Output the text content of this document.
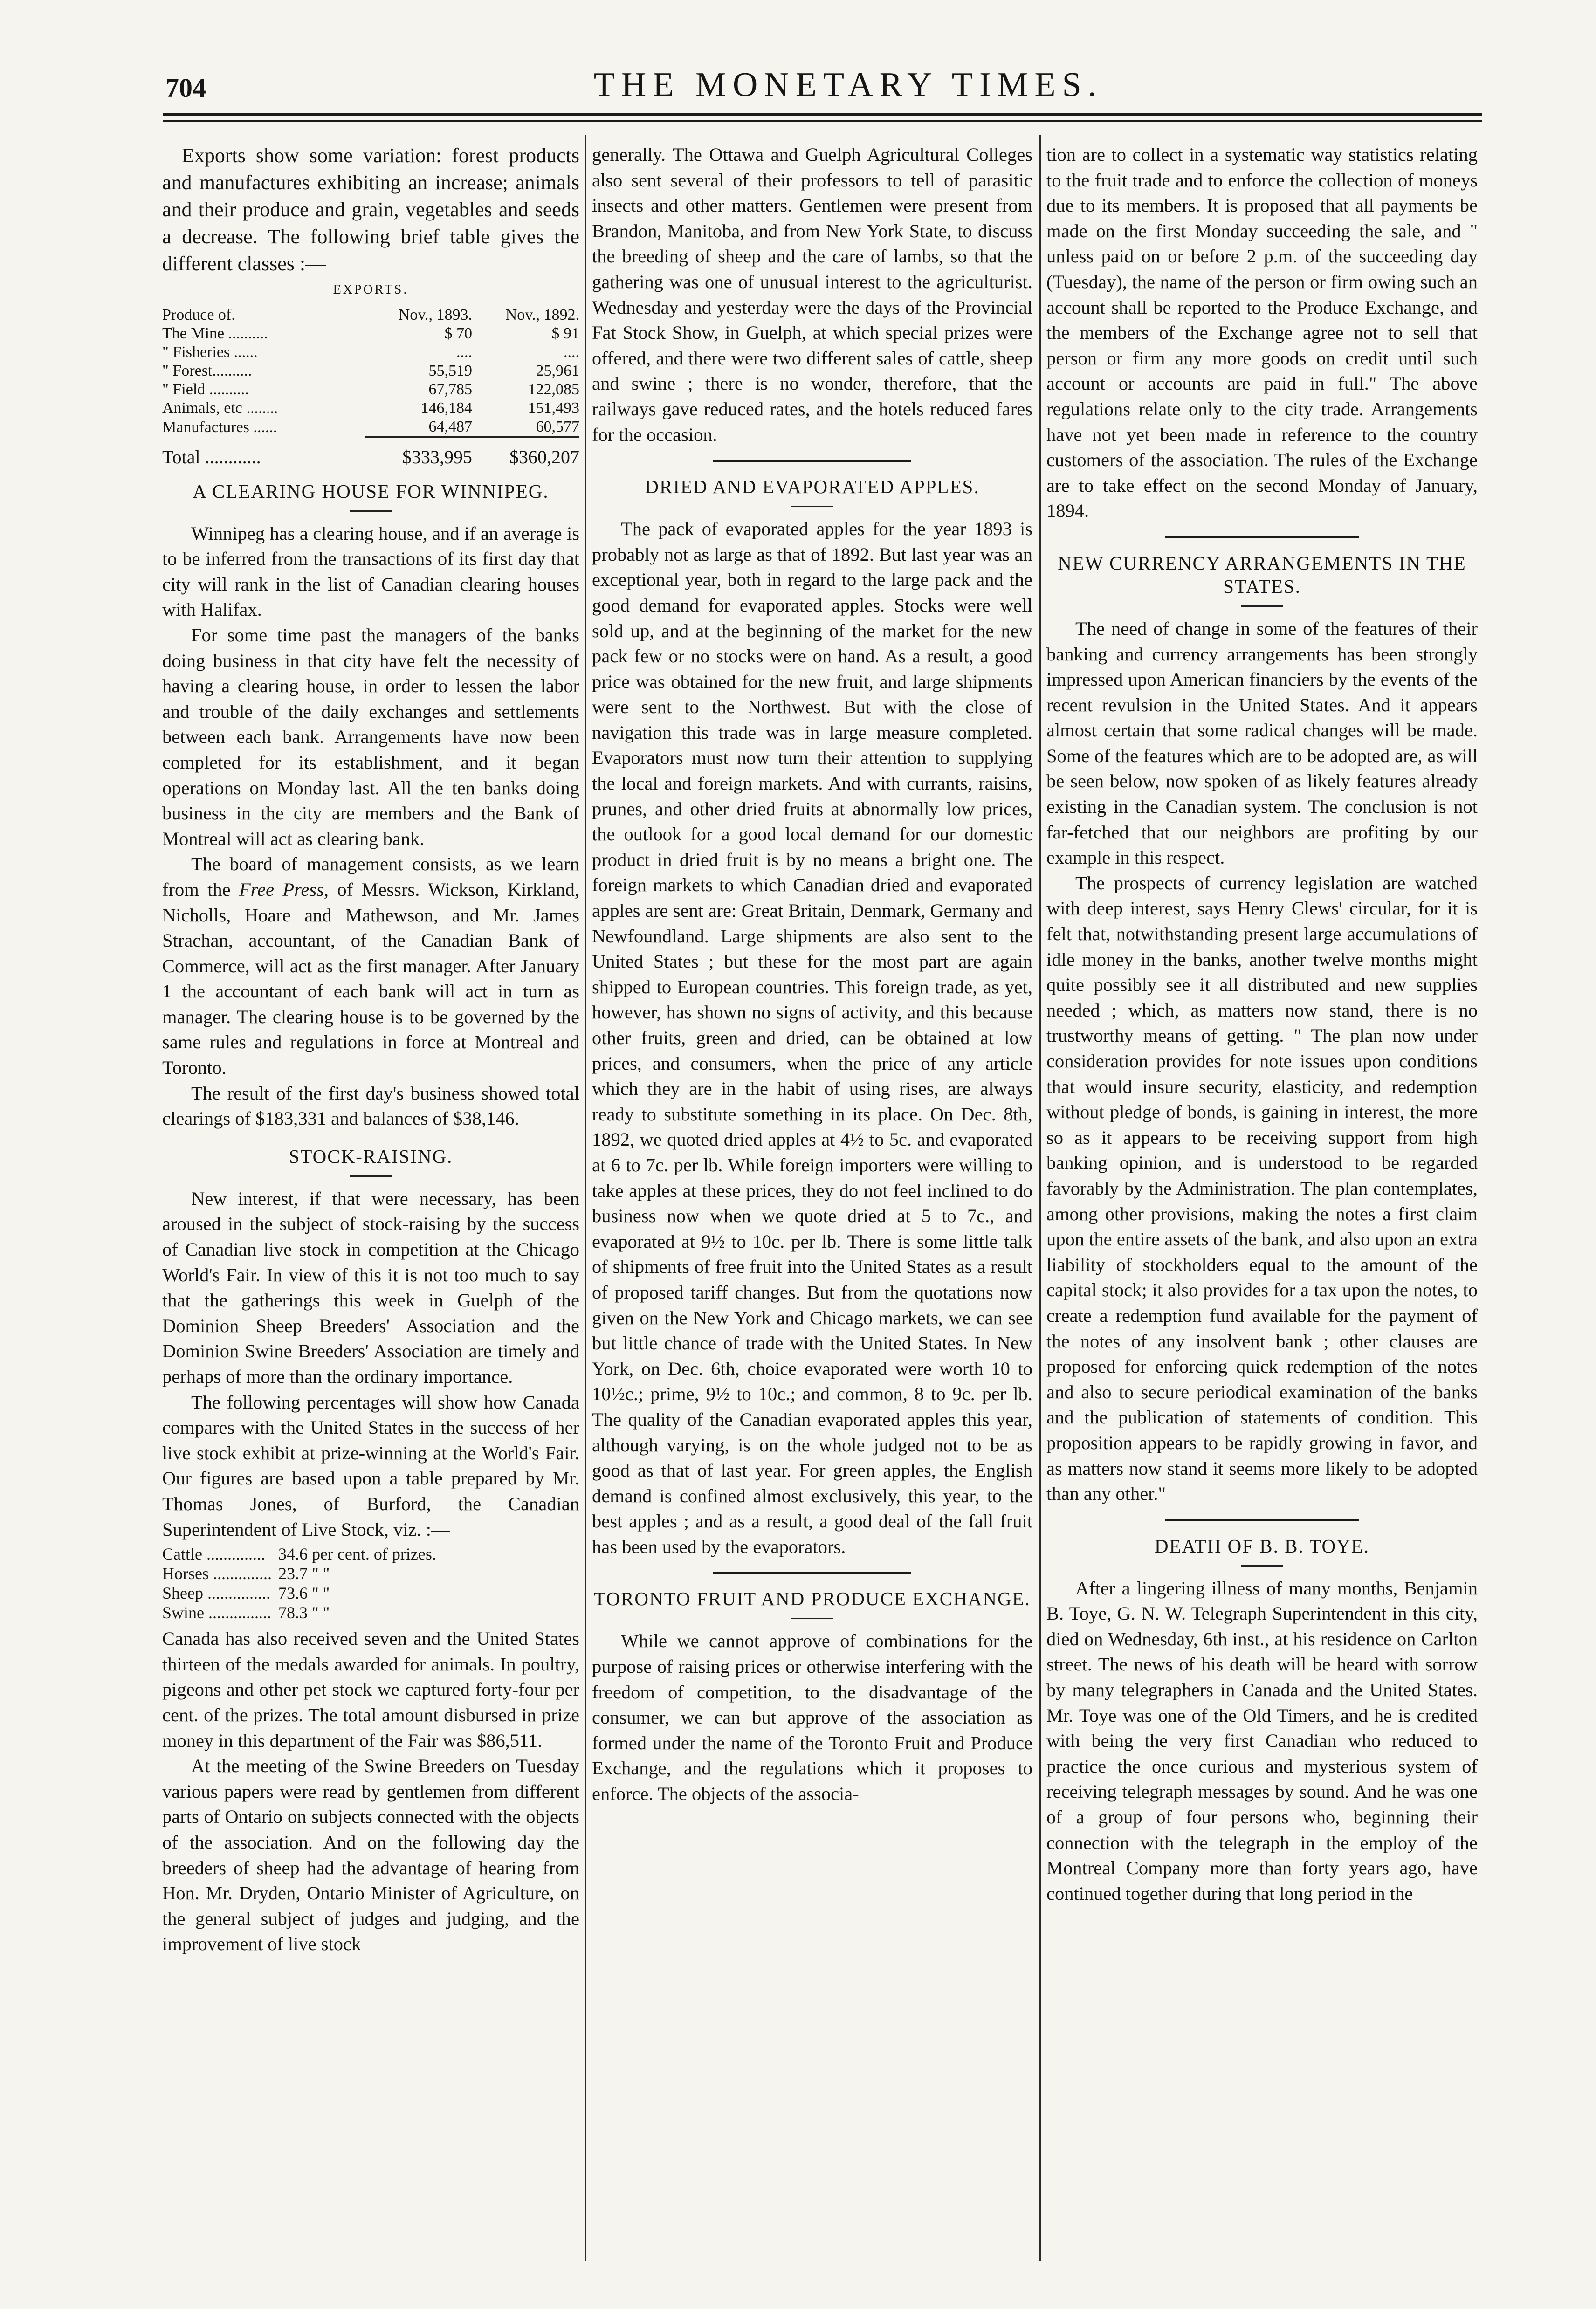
704	THE MONETARY TIMES.

Exports show some variation: forest products and manufactures exhibiting an increase; animals and their produce and grain, vegetables and seeds a decrease. The following brief table gives the different classes :—

EXPORTS.
Produce of.	Nov., 1893.	Nov., 1892.
The Mine ..........	$ 70	$ 91
" Fisheries ......	....	....
" Forest..........	55,519	25,961
" Field ..........	67,785	122,085
Animals, etc ........	146,184	151,493
Manufactures ......	64,487	60,577
Total ............	$333,995	$360,207
A CLEARING HOUSE FOR WINNIPEG.

Winnipeg has a clearing house, and if an average is to be inferred from the transactions of its first day that city will rank in the list of Canadian clearing houses with Halifax.

For some time past the managers of the banks doing business in that city have felt the necessity of having a clearing house, in order to lessen the labor and trouble of the daily exchanges and settlements between each bank. Arrangements have now been completed for its establishment, and it began operations on Monday last. All the ten banks doing business in the city are members and the Bank of Montreal will act as clearing bank.

The board of management consists, as we learn from the Free Press, of Messrs. Wickson, Kirkland, Nicholls, Hoare and Mathewson, and Mr. James Strachan, accountant, of the Canadian Bank of Commerce, will act as the first manager. After January 1 the accountant of each bank will act in turn as manager. The clearing house is to be governed by the same rules and regulations in force at Montreal and Toronto.

The result of the first day's business showed total clearings of $183,331 and balances of $38,146.

STOCK-RAISING.

New interest, if that were necessary, has been aroused in the subject of stock-raising by the success of Canadian live stock in competition at the Chicago World's Fair. In view of this it is not too much to say that the gatherings this week in Guelph of the Dominion Sheep Breeders' Association and the Dominion Swine Breeders' Association are timely and perhaps of more than the ordinary importance.

The following percentages will show how Canada compares with the United States in the success of her live stock exhibit at prize-winning at the World's Fair. Our figures are based upon a table prepared by Mr. Thomas Jones, of Burford, the Canadian Superintendent of Live Stock, viz. :—

Cattle ..............	34.6 per cent. of prizes.
Horses ..............	23.7 " "
Sheep ...............	73.6 " "
Swine ...............	78.3 " "

Canada has also received seven and the United States thirteen of the medals awarded for animals. In poultry, pigeons and other pet stock we captured forty-four per cent. of the prizes. The total amount disbursed in prize money in this department of the Fair was $86,511.

At the meeting of the Swine Breeders on Tuesday various papers were read by gentlemen from different parts of Ontario on subjects connected with the objects of the association. And on the following day the breeders of sheep had the advantage of hearing from Hon. Mr. Dryden, Ontario Minister of Agriculture, on the general subject of judges and judging, and the improvement of live stock

generally. The Ottawa and Guelph Agricultural Colleges also sent several of their professors to tell of parasitic insects and other matters. Gentlemen were present from Brandon, Manitoba, and from New York State, to discuss the breeding of sheep and the care of lambs, so that the gathering was one of unusual interest to the agriculturist. Wednesday and yesterday were the days of the Provincial Fat Stock Show, in Guelph, at which special prizes were offered, and there were two different sales of cattle, sheep and swine ; there is no wonder, therefore, that the railways gave reduced rates, and the hotels reduced fares for the occasion.

DRIED AND EVAPORATED APPLES.

The pack of evaporated apples for the year 1893 is probably not as large as that of 1892. But last year was an exceptional year, both in regard to the large pack and the good demand for evaporated apples. Stocks were well sold up, and at the beginning of the market for the new pack few or no stocks were on hand. As a result, a good price was obtained for the new fruit, and large shipments were sent to the Northwest. But with the close of navigation this trade was in large measure completed. Evaporators must now turn their attention to supplying the local and foreign markets. And with currants, raisins, prunes, and other dried fruits at abnormally low prices, the outlook for a good local demand for our domestic product in dried fruit is by no means a bright one. The foreign markets to which Canadian dried and evaporated apples are sent are: Great Britain, Denmark, Germany and Newfoundland. Large shipments are also sent to the United States ; but these for the most part are again shipped to European countries. This foreign trade, as yet, however, has shown no signs of activity, and this because other fruits, green and dried, can be obtained at low prices, and consumers, when the price of any article which they are in the habit of using rises, are always ready to substitute something in its place. On Dec. 8th, 1892, we quoted dried apples at 4½ to 5c. and evaporated at 6 to 7c. per lb. While foreign importers were willing to take apples at these prices, they do not feel inclined to do business now when we quote dried at 5 to 7c., and evaporated at 9½ to 10c. per lb. There is some little talk of shipments of free fruit into the United States as a result of proposed tariff changes. But from the quotations now given on the New York and Chicago markets, we can see but little chance of trade with the United States. In New York, on Dec. 6th, choice evaporated were worth 10 to 10½c.; prime, 9½ to 10c.; and common, 8 to 9c. per lb. The quality of the Canadian evaporated apples this year, although varying, is on the whole judged not to be as good as that of last year. For green apples, the English demand is confined almost exclusively, this year, to the best apples ; and as a result, a good deal of the fall fruit has been used by the evaporators.

TORONTO FRUIT AND PRODUCE EXCHANGE.

While we cannot approve of combinations for the purpose of raising prices or otherwise interfering with the freedom of competition, to the disadvantage of the consumer, we can but approve of the association as formed under the name of the Toronto Fruit and Produce Exchange, and the regulations which it proposes to enforce. The objects of the associa-

tion are to collect in a systematic way statistics relating to the fruit trade and to enforce the collection of moneys due to its members. It is proposed that all payments be made on the first Monday succeeding the sale, and " unless paid on or before 2 p.m. of the succeeding day (Tuesday), the name of the person or firm owing such an account shall be reported to the Produce Exchange, and the members of the Exchange agree not to sell that person or firm any more goods on credit until such account or accounts are paid in full." The above regulations relate only to the city trade. Arrangements have not yet been made in reference to the country customers of the association. The rules of the Exchange are to take effect on the second Monday of January, 1894.

NEW CURRENCY ARRANGEMENTS IN THE STATES.

The need of change in some of the features of their banking and currency arrangements has been strongly impressed upon American financiers by the events of the recent revulsion in the United States. And it appears almost certain that some radical changes will be made. Some of the features which are to be adopted are, as will be seen below, now spoken of as likely features already existing in the Canadian system. The conclusion is not far-fetched that our neighbors are profiting by our example in this respect.

The prospects of currency legislation are watched with deep interest, says Henry Clews' circular, for it is felt that, notwithstanding present large accumulations of idle money in the banks, another twelve months might quite possibly see it all distributed and new supplies needed ; which, as matters now stand, there is no trustworthy means of getting. " The plan now under consideration provides for note issues upon conditions that would insure security, elasticity, and redemption without pledge of bonds, is gaining in interest, the more so as it appears to be receiving support from high banking opinion, and is understood to be regarded favorably by the Administration. The plan contemplates, among other provisions, making the notes a first claim upon the entire assets of the bank, and also upon an extra liability of stockholders equal to the amount of the capital stock; it also provides for a tax upon the notes, to create a redemption fund available for the payment of the notes of any insolvent bank ; other clauses are proposed for enforcing quick redemption of the notes and also to secure periodical examination of the banks and the publication of statements of condition. This proposition appears to be rapidly growing in favor, and as matters now stand it seems more likely to be adopted than any other."

DEATH OF B. B. TOYE.

After a lingering illness of many months, Benjamin B. Toye, G. N. W. Telegraph Superintendent in this city, died on Wednesday, 6th inst., at his residence on Carlton street. The news of his death will be heard with sorrow by many telegraphers in Canada and the United States. Mr. Toye was one of the Old Timers, and he is credited with being the very first Canadian who reduced to practice the once curious and mysterious system of receiving telegraph messages by sound. And he was one of a group of four persons who, beginning their connection with the telegraph in the employ of the Montreal Company more than forty years ago, have continued together during that long period in the
